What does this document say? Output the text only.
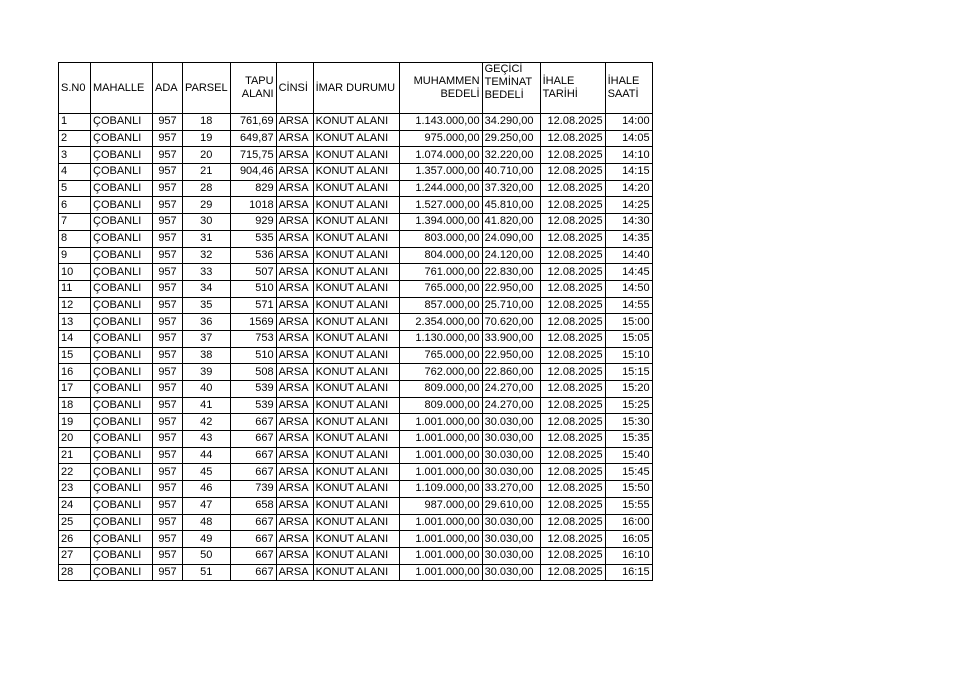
S.N0	MAHALLE	ADA	PARSEL	TAPU ALANI	CİNSİ	İMAR DURUMU	MUHAMMEN BEDELİ	GEÇİCİ TEMİNAT BEDELİ	İHALE TARİHİ	İHALE SAATİ
1	ÇOBANLI	957	18	761,69	ARSA	KONUT ALANI	1.143.000,00	34.290,00	12.08.2025	14:00
2	ÇOBANLI	957	19	649,87	ARSA	KONUT ALANI	975.000,00	29.250,00	12.08.2025	14:05
3	ÇOBANLI	957	20	715,75	ARSA	KONUT ALANI	1.074.000,00	32.220,00	12.08.2025	14:10
4	ÇOBANLI	957	21	904,46	ARSA	KONUT ALANI	1.357.000,00	40.710,00	12.08.2025	14:15
5	ÇOBANLI	957	28	829	ARSA	KONUT ALANI	1.244.000,00	37.320,00	12.08.2025	14:20
6	ÇOBANLI	957	29	1018	ARSA	KONUT ALANI	1.527.000,00	45.810,00	12.08.2025	14:25
7	ÇOBANLI	957	30	929	ARSA	KONUT ALANI	1.394.000,00	41.820,00	12.08.2025	14:30
8	ÇOBANLI	957	31	535	ARSA	KONUT ALANI	803.000,00	24.090,00	12.08.2025	14:35
9	ÇOBANLI	957	32	536	ARSA	KONUT ALANI	804.000,00	24.120,00	12.08.2025	14:40
10	ÇOBANLI	957	33	507	ARSA	KONUT ALANI	761.000,00	22.830,00	12.08.2025	14:45
11	ÇOBANLI	957	34	510	ARSA	KONUT ALANI	765.000,00	22.950,00	12.08.2025	14:50
12	ÇOBANLI	957	35	571	ARSA	KONUT ALANI	857.000,00	25.710,00	12.08.2025	14:55
13	ÇOBANLI	957	36	1569	ARSA	KONUT ALANI	2.354.000,00	70.620,00	12.08.2025	15:00
14	ÇOBANLI	957	37	753	ARSA	KONUT ALANI	1.130.000,00	33.900,00	12.08.2025	15:05
15	ÇOBANLI	957	38	510	ARSA	KONUT ALANI	765.000,00	22.950,00	12.08.2025	15:10
16	ÇOBANLI	957	39	508	ARSA	KONUT ALANI	762.000,00	22.860,00	12.08.2025	15:15
17	ÇOBANLI	957	40	539	ARSA	KONUT ALANI	809.000,00	24.270,00	12.08.2025	15:20
18	ÇOBANLI	957	41	539	ARSA	KONUT ALANI	809.000,00	24.270,00	12.08.2025	15:25
19	ÇOBANLI	957	42	667	ARSA	KONUT ALANI	1.001.000,00	30.030,00	12.08.2025	15:30
20	ÇOBANLI	957	43	667	ARSA	KONUT ALANI	1.001.000,00	30.030,00	12.08.2025	15:35
21	ÇOBANLI	957	44	667	ARSA	KONUT ALANI	1.001.000,00	30.030,00	12.08.2025	15:40
22	ÇOBANLI	957	45	667	ARSA	KONUT ALANI	1.001.000,00	30.030,00	12.08.2025	15:45
23	ÇOBANLI	957	46	739	ARSA	KONUT ALANI	1.109.000,00	33.270,00	12.08.2025	15:50
24	ÇOBANLI	957	47	658	ARSA	KONUT ALANI	987.000,00	29.610,00	12.08.2025	15:55
25	ÇOBANLI	957	48	667	ARSA	KONUT ALANI	1.001.000,00	30.030,00	12.08.2025	16:00
26	ÇOBANLI	957	49	667	ARSA	KONUT ALANI	1.001.000,00	30.030,00	12.08.2025	16:05
27	ÇOBANLI	957	50	667	ARSA	KONUT ALANI	1.001.000,00	30.030,00	12.08.2025	16:10
28	ÇOBANLI	957	51	667	ARSA	KONUT ALANI	1.001.000,00	30.030,00	12.08.2025	16:15
